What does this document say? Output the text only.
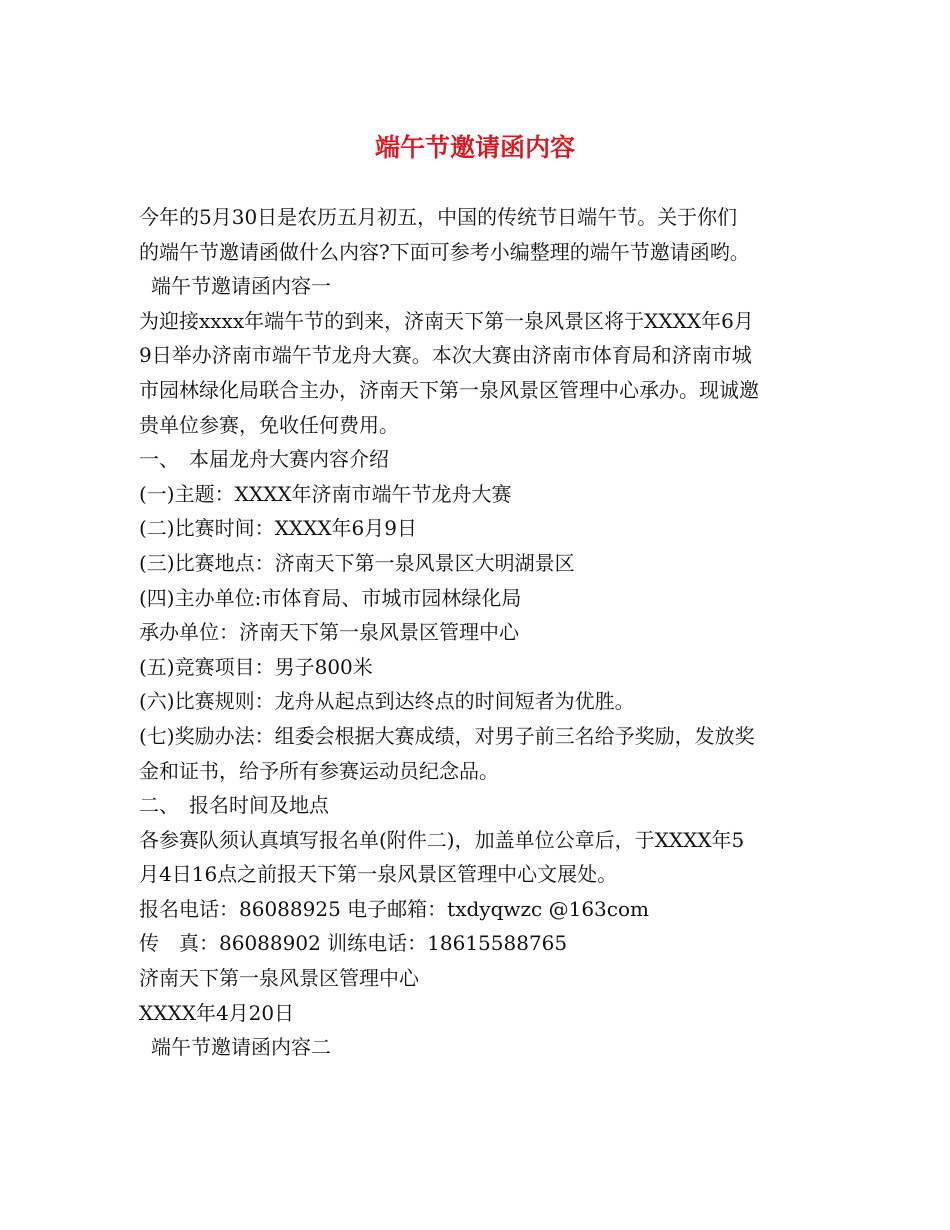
端午节邀请函内容
今年的5月30日是农历五月初五，中国的传统节日端午节。关于你们
的端午节邀请函做什么内容?下面可参考小编整理的端午节邀请函哟。
端午节邀请函内容一
为迎接xxxx年端午节的到来，济南天下第一泉风景区将于XXXX年6月
9日举办济南市端午节龙舟大赛。本次大赛由济南市体育局和济南市城
市园林绿化局联合主办，济南天下第一泉风景区管理中心承办。现诚邀
贵单位参赛，免收任何费用。
一、　本届龙舟大赛内容介绍
(一)主题：XXXX年济南市端午节龙舟大赛
(二)比赛时间：XXXX年6月9日
(三)比赛地点：济南天下第一泉风景区大明湖景区
(四)主办单位:市体育局、市城市园林绿化局
承办单位：济南天下第一泉风景区管理中心
(五)竞赛项目：男子800米
(六)比赛规则：龙舟从起点到达终点的时间短者为优胜。
(七)奖励办法：组委会根据大赛成绩，对男子前三名给予奖励，发放奖
金和证书，给予所有参赛运动员纪念品。
二、　报名时间及地点
各参赛队须认真填写报名单(附件二)，加盖单位公章后，于XXXX年5
月4日16点之前报天下第一泉风景区管理中心文展处。
报名电话：86088925 电子邮箱：txdyqwzc @163com
传　真：86088902 训练电话：18615588765
济南天下第一泉风景区管理中心
XXXX年4月20日
端午节邀请函内容二
